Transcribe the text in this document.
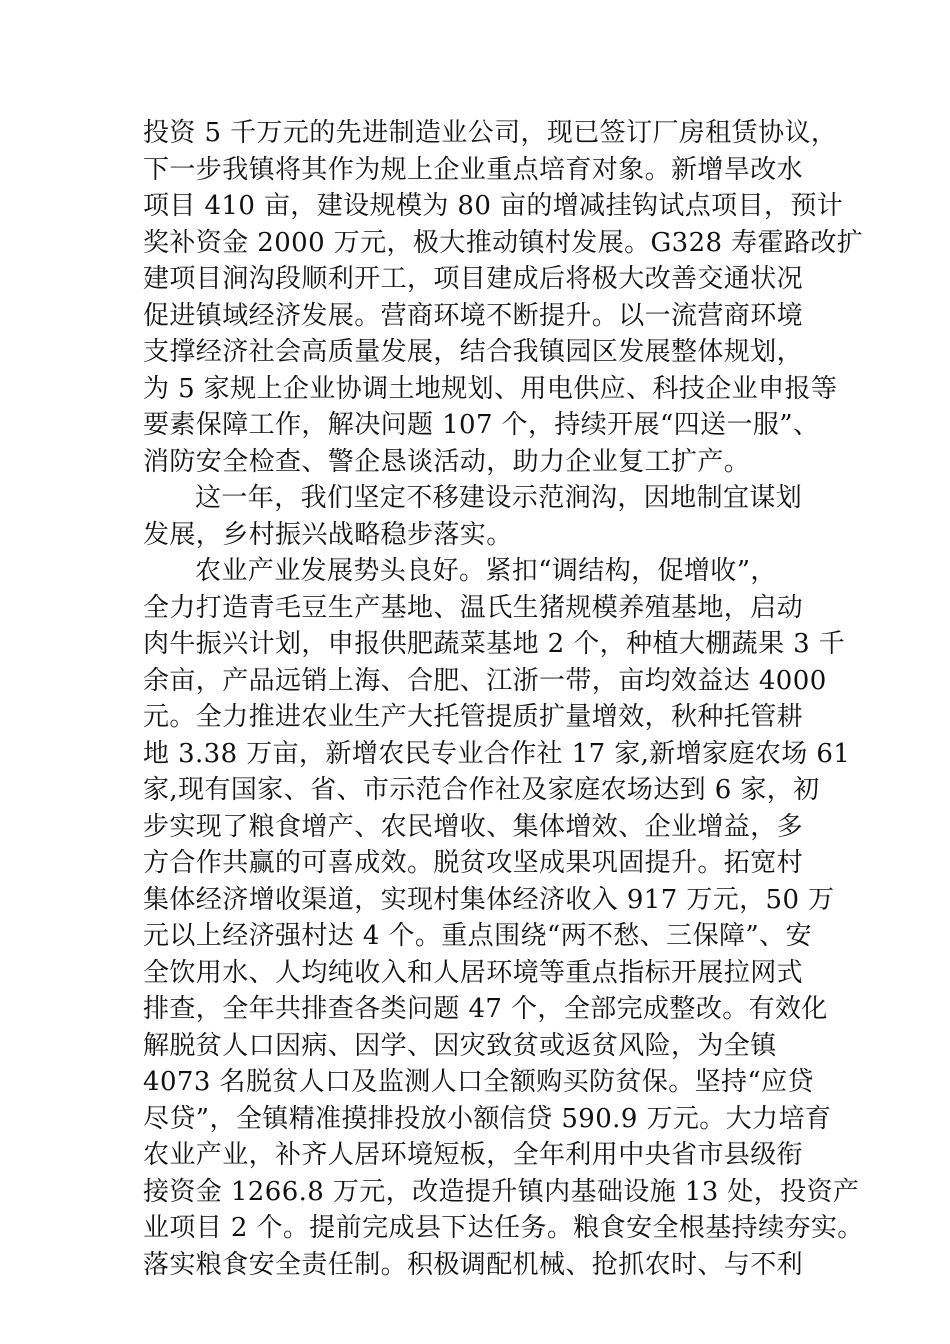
投资 5 千万元的先进制造业公司，现已签订厂房租赁协议，
下一步我镇将其作为规上企业重点培育对象。新增旱改水
项目 410 亩，建设规模为 80 亩的增减挂钩试点项目，预计
奖补资金 2000 万元，极大推动镇村发展。G328 寿霍路改扩
建项目涧沟段顺利开工，项目建成后将极大改善交通状况
促进镇域经济发展。营商环境不断提升。以一流营商环境
支撑经济社会高质量发展，结合我镇园区发展整体规划，
为 5 家规上企业协调土地规划、用电供应、科技企业申报等
要素保障工作，解决问题 107 个，持续开展“四送一服”、
消防安全检查、警企恳谈活动，助力企业复工扩产。
这一年，我们坚定不移建设示范涧沟，因地制宜谋划
发展，乡村振兴战略稳步落实。
农业产业发展势头良好。紧扣“调结构，促增收”，
全力打造青毛豆生产基地、温氏生猪规模养殖基地，启动
肉牛振兴计划，申报供肥蔬菜基地 2 个，种植大棚蔬果 3 千
余亩，产品远销上海、合肥、江浙一带，亩均效益达 4000
元。全力推进农业生产大托管提质扩量增效，秋种托管耕
地 3.38 万亩，新增农民专业合作社 17 家,新增家庭农场 61
家,现有国家、省、市示范合作社及家庭农场达到 6 家，初
步实现了粮食增产、农民增收、集体增效、企业增益，多
方合作共赢的可喜成效。脱贫攻坚成果巩固提升。拓宽村
集体经济增收渠道，实现村集体经济收入 917 万元，50 万
元以上经济强村达 4 个。重点围绕“两不愁、三保障”、安
全饮用水、人均纯收入和人居环境等重点指标开展拉网式
排查，全年共排查各类问题 47 个，全部完成整改。有效化
解脱贫人口因病、因学、因灾致贫或返贫风险，为全镇
4073 名脱贫人口及监测人口全额购买防贫保。坚持“应贷
尽贷”，全镇精准摸排投放小额信贷 590.9 万元。大力培育
农业产业，补齐人居环境短板，全年利用中央省市县级衔
接资金 1266.8 万元，改造提升镇内基础设施 13 处，投资产
业项目 2 个。提前完成县下达任务。粮食安全根基持续夯实。
落实粮食安全责任制。积极调配机械、抢抓农时、与不利
